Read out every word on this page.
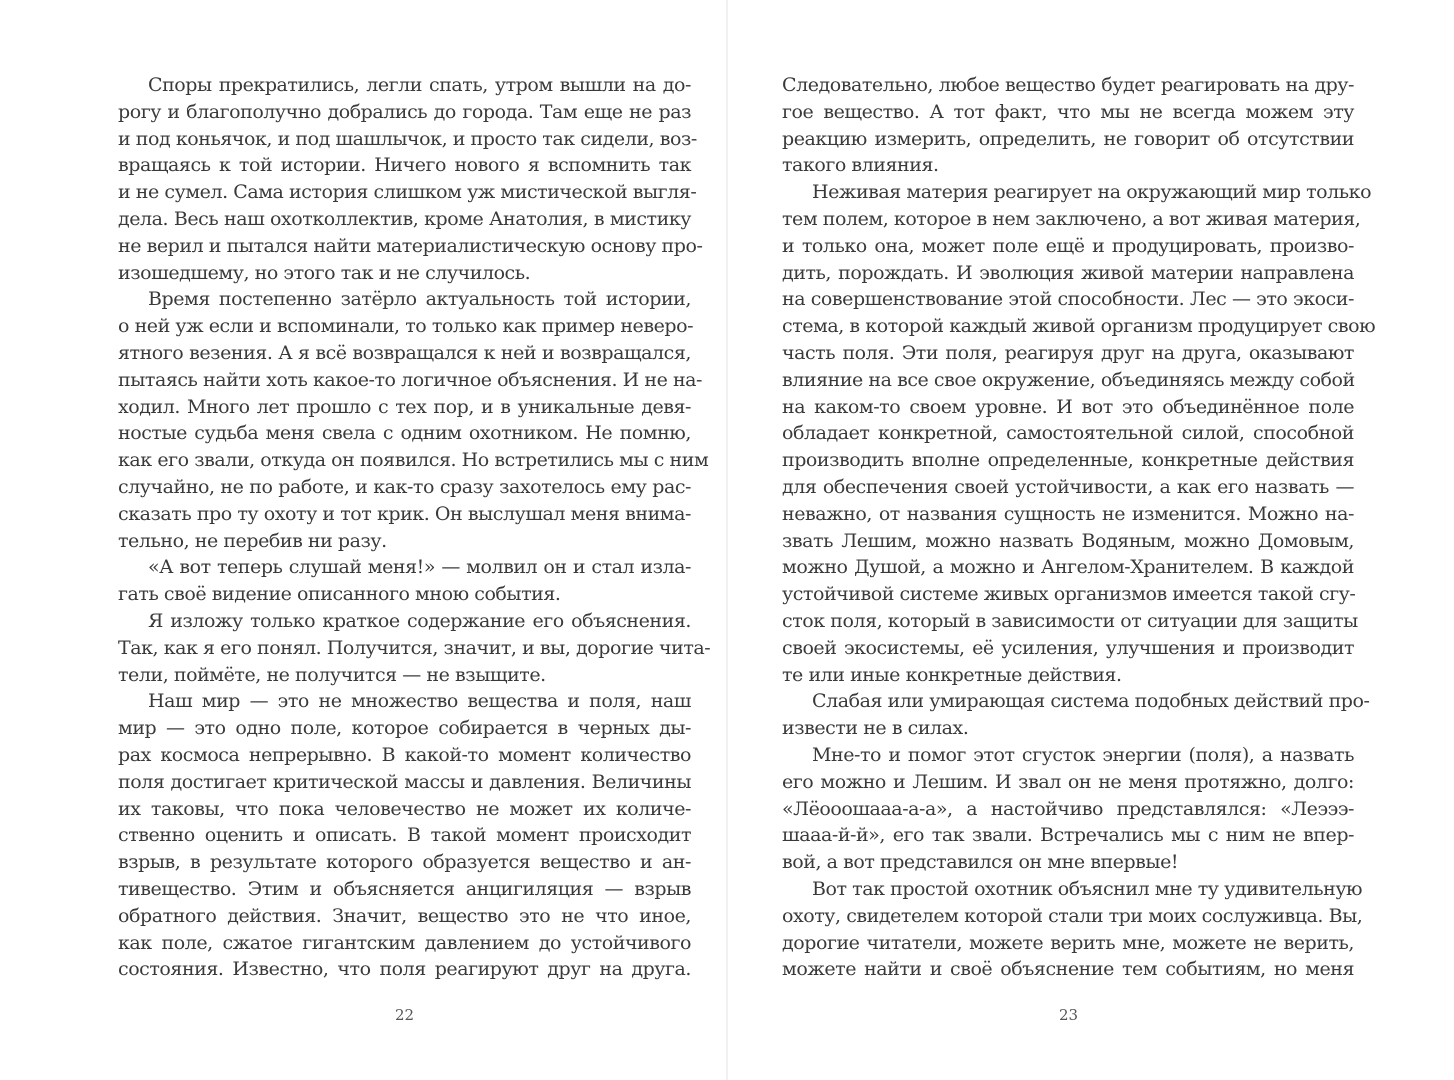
Споры прекратились, легли спать, утром вышли на до-
рогу и благополучно добрались до города. Там еще не раз
и под коньячок, и под шашлычок, и просто так сидели, воз-
вращаясь к той истории. Ничего нового я вспомнить так
и не сумел. Сама история слишком уж мистической выгля-
дела. Весь наш охотколлектив, кроме Анатолия, в мистику
не верил и пытался найти материалистическую основу про-
изошедшему, но этого так и не случилось.
Время постепенно затёрло актуальность той истории,
о ней уж если и вспоминали, то только как пример неверо-
ятного везения. А я всё возвращался к ней и возвращался,
пытаясь найти хоть какое-то логичное объяснения. И не на-
ходил. Много лет прошло с тех пор, и в уникальные девя-
ностые судьба меня свела с одним охотником. Не помню,
как его звали, откуда он появился. Но встретились мы с ним
случайно, не по работе, и как-то сразу захотелось ему рас-
сказать про ту охоту и тот крик. Он выслушал меня внима-
тельно, не перебив ни разу.
«А вот теперь слушай меня!» — молвил он и стал изла-
гать своё видение описанного мною события.
Я изложу только краткое содержание его объяснения.
Так, как я его понял. Получится, значит, и вы, дорогие чита-
тели, поймёте, не получится — не взыщите.
Наш мир — это не множество вещества и поля, наш
мир — это одно поле, которое собирается в черных ды-
рах космоса непрерывно. В какой-то момент количество
поля достигает критической массы и давления. Величины
их таковы, что пока человечество не может их количе-
ственно оценить и описать. В такой момент происходит
взрыв, в результате которого образуется вещество и ан-
тивещество. Этим и объясняется анцигиляция — взрыв
обратного действия. Значит, вещество это не что иное,
как поле, сжатое гигантским давлением до устойчивого
состояния. Известно, что поля реагируют друг на друга.
22
Следовательно, любое вещество будет реагировать на дру-
гое вещество. А тот факт, что мы не всегда можем эту
реакцию измерить, определить, не говорит об отсутствии
такого влияния.
Неживая материя реагирует на окружающий мир только
тем полем, которое в нем заключено, а вот живая материя,
и только она, может поле ещё и продуцировать, произво-
дить, порождать. И эволюция живой материи направлена
на совершенствование этой способности. Лес — это экоси-
стема, в которой каждый живой организм продуцирует свою
часть поля. Эти поля, реагируя друг на друга, оказывают
влияние на все свое окружение, объединяясь между собой
на каком-то своем уровне. И вот это объединённое поле
обладает конкретной, самостоятельной силой, способной
производить вполне определенные, конкретные действия
для обеспечения своей устойчивости, а как его назвать —
неважно, от названия сущность не изменится. Можно на-
звать Лешим, можно назвать Водяным, можно Домовым,
можно Душой, а можно и Ангелом-Хранителем. В каждой
устойчивой системе живых организмов имеется такой сгу-
сток поля, который в зависимости от ситуации для защиты
своей экосистемы, её усиления, улучшения и производит
те или иные конкретные действия.
Слабая или умирающая система подобных действий про-
извести не в силах.
Мне-то и помог этот сгусток энергии (поля), а назвать
его можно и Лешим. И звал он не меня протяжно, долго:
«Лёооошааа-а-а», а настойчиво представлялся: «Леэээ-
шааа-й-й», его так звали. Встречались мы с ним не впер-
вой, а вот представился он мне впервые!
Вот так простой охотник объяснил мне ту удивительную
охоту, свидетелем которой стали три моих сослуживца. Вы,
дорогие читатели, можете верить мне, можете не верить,
можете найти и своё объяснение тем событиям, но меня
23
